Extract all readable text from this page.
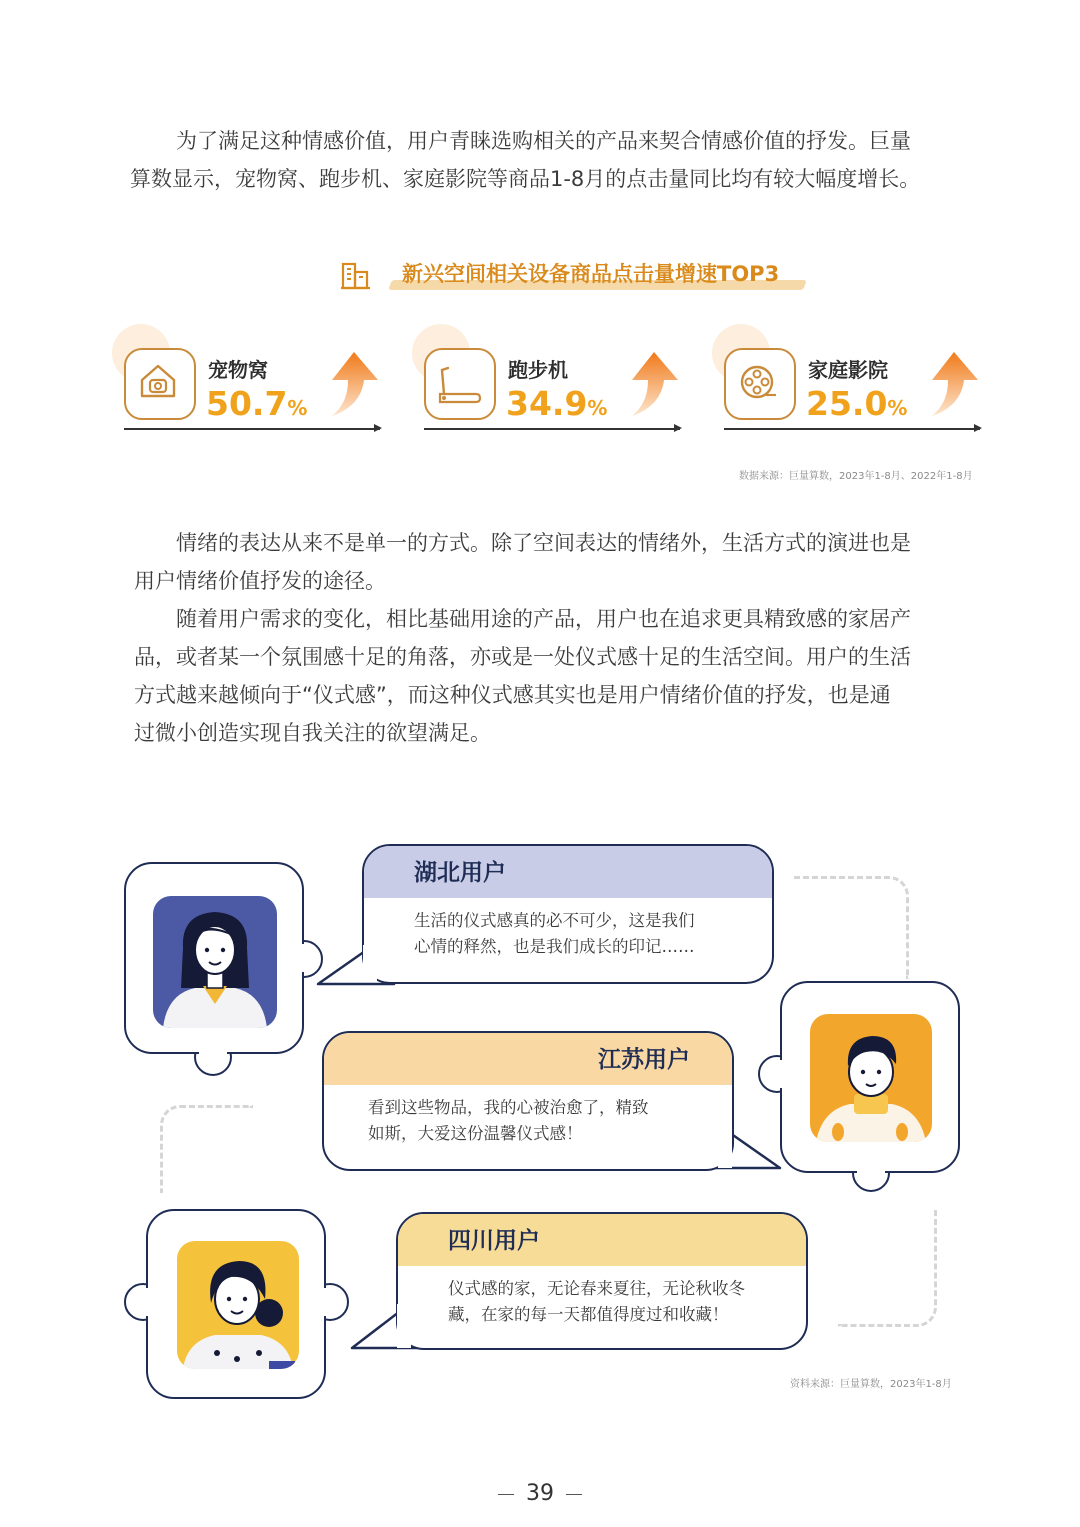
为了满足这种情感价值，用户青睐选购相关的产品来契合情感价值的抒发。巨量
算数显示，宠物窝、跑步机、家庭影院等商品1-8月的点击量同比均有较大幅度增长。

新兴空间相关设备商品点击量增速TOP3
宠物窝
50.7%
跑步机
34.9%
家庭影院
25.0%
数据来源：巨量算数，2023年1-8月、2022年1-8月

情绪的表达从来不是单一的方式。除了空间表达的情绪外，生活方式的演进也是
用户情绪价值抒发的途径。

随着用户需求的变化，相比基础用途的产品，用户也在追求更具精致感的家居产
品，或者某一个氛围感十足的角落，亦或是一处仪式感十足的生活空间。用户的生活
方式越来越倾向于“仪式感”，而这种仪式感其实也是用户情绪价值的抒发，也是通
过微小创造实现自我关注的欲望满足。

湖北用户
生活的仪式感真的必不可少，这是我们
心情的释然，也是我们成长的印记……
江苏用户
看到这些物品，我的心被治愈了，精致
如斯，大爱这份温馨仪式感！
四川用户
仪式感的家，无论春来夏往，无论秋收冬
藏，在家的每一天都值得度过和收藏！
资料来源：巨量算数，2023年1-8月
39
